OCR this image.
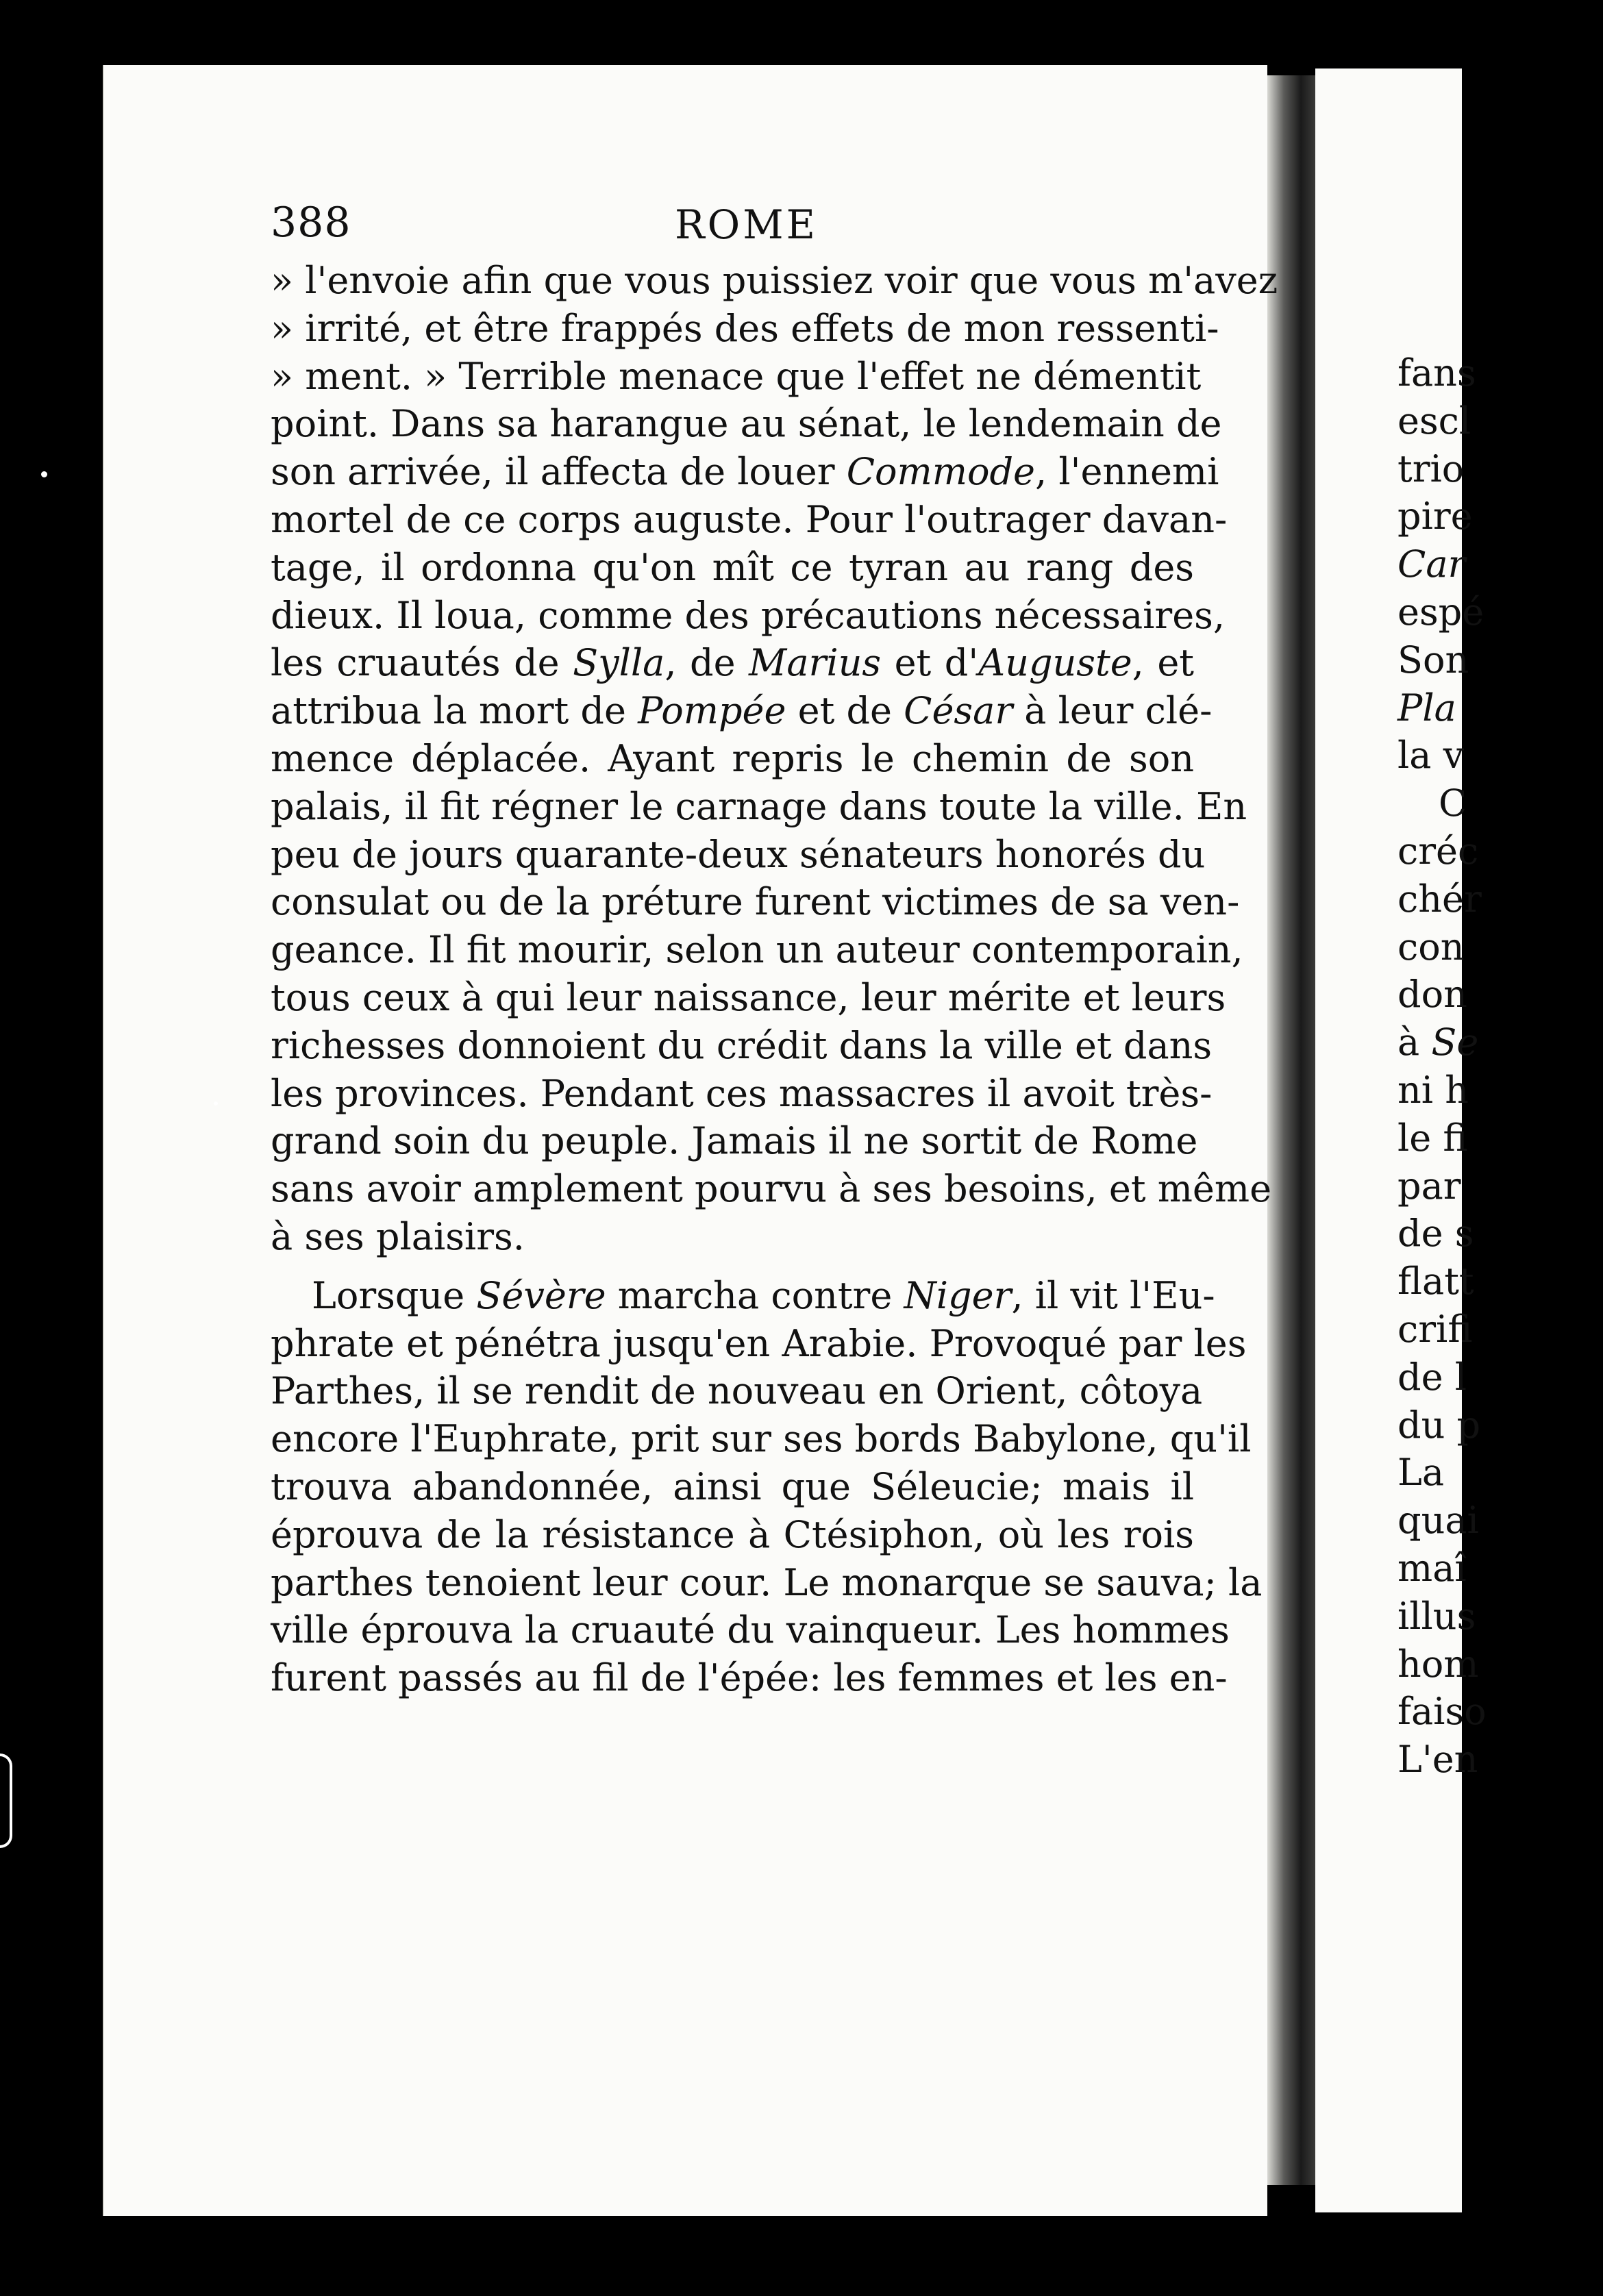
fans
escl
trio
pire
Car
espé
Son
Pla
la v
C
créc
chér
con
don
à Se
ni h
le fi
par
de s
flatt
crifi
de l
du p
La
quai
maî
illus
hom
faiso
L'en
388	ROME
» l'envoie afin que vous puissiez voir que vous m'avez
» irrité, et être frappés des effets de mon ressenti-
» ment. » Terrible menace que l'effet ne démentit
point. Dans sa harangue au sénat, le lendemain de
son arrivée, il affecta de louer Commode, l'ennemi
mortel de ce corps auguste. Pour l'outrager davan-
tage, il ordonna qu'on mît ce tyran au rang des
dieux. Il loua, comme des précautions nécessaires,
les cruautés de Sylla, de Marius et d'Auguste, et
attribua la mort de Pompée et de César à leur clé-
mence déplacée. Ayant repris le chemin de son
palais, il fit régner le carnage dans toute la ville. En
peu de jours quarante-deux sénateurs honorés du
consulat ou de la préture furent victimes de sa ven-
geance. Il fit mourir, selon un auteur contemporain,
tous ceux à qui leur naissance, leur mérite et leurs
richesses donnoient du crédit dans la ville et dans
les provinces. Pendant ces massacres il avoit très-
grand soin du peuple. Jamais il ne sortit de Rome
sans avoir amplement pourvu à ses besoins, et même
à ses plaisirs.
Lorsque Sévère marcha contre Niger, il vit l'Eu-
phrate et pénétra jusqu'en Arabie. Provoqué par les
Parthes, il se rendit de nouveau en Orient, côtoya
encore l'Euphrate, prit sur ses bords Babylone, qu'il
trouva abandonnée, ainsi que Séleucie; mais il
éprouva de la résistance à Ctésiphon, où les rois
parthes tenoient leur cour. Le monarque se sauva; la
ville éprouva la cruauté du vainqueur. Les hommes
furent passés au fil de l'épée: les femmes et les en-
